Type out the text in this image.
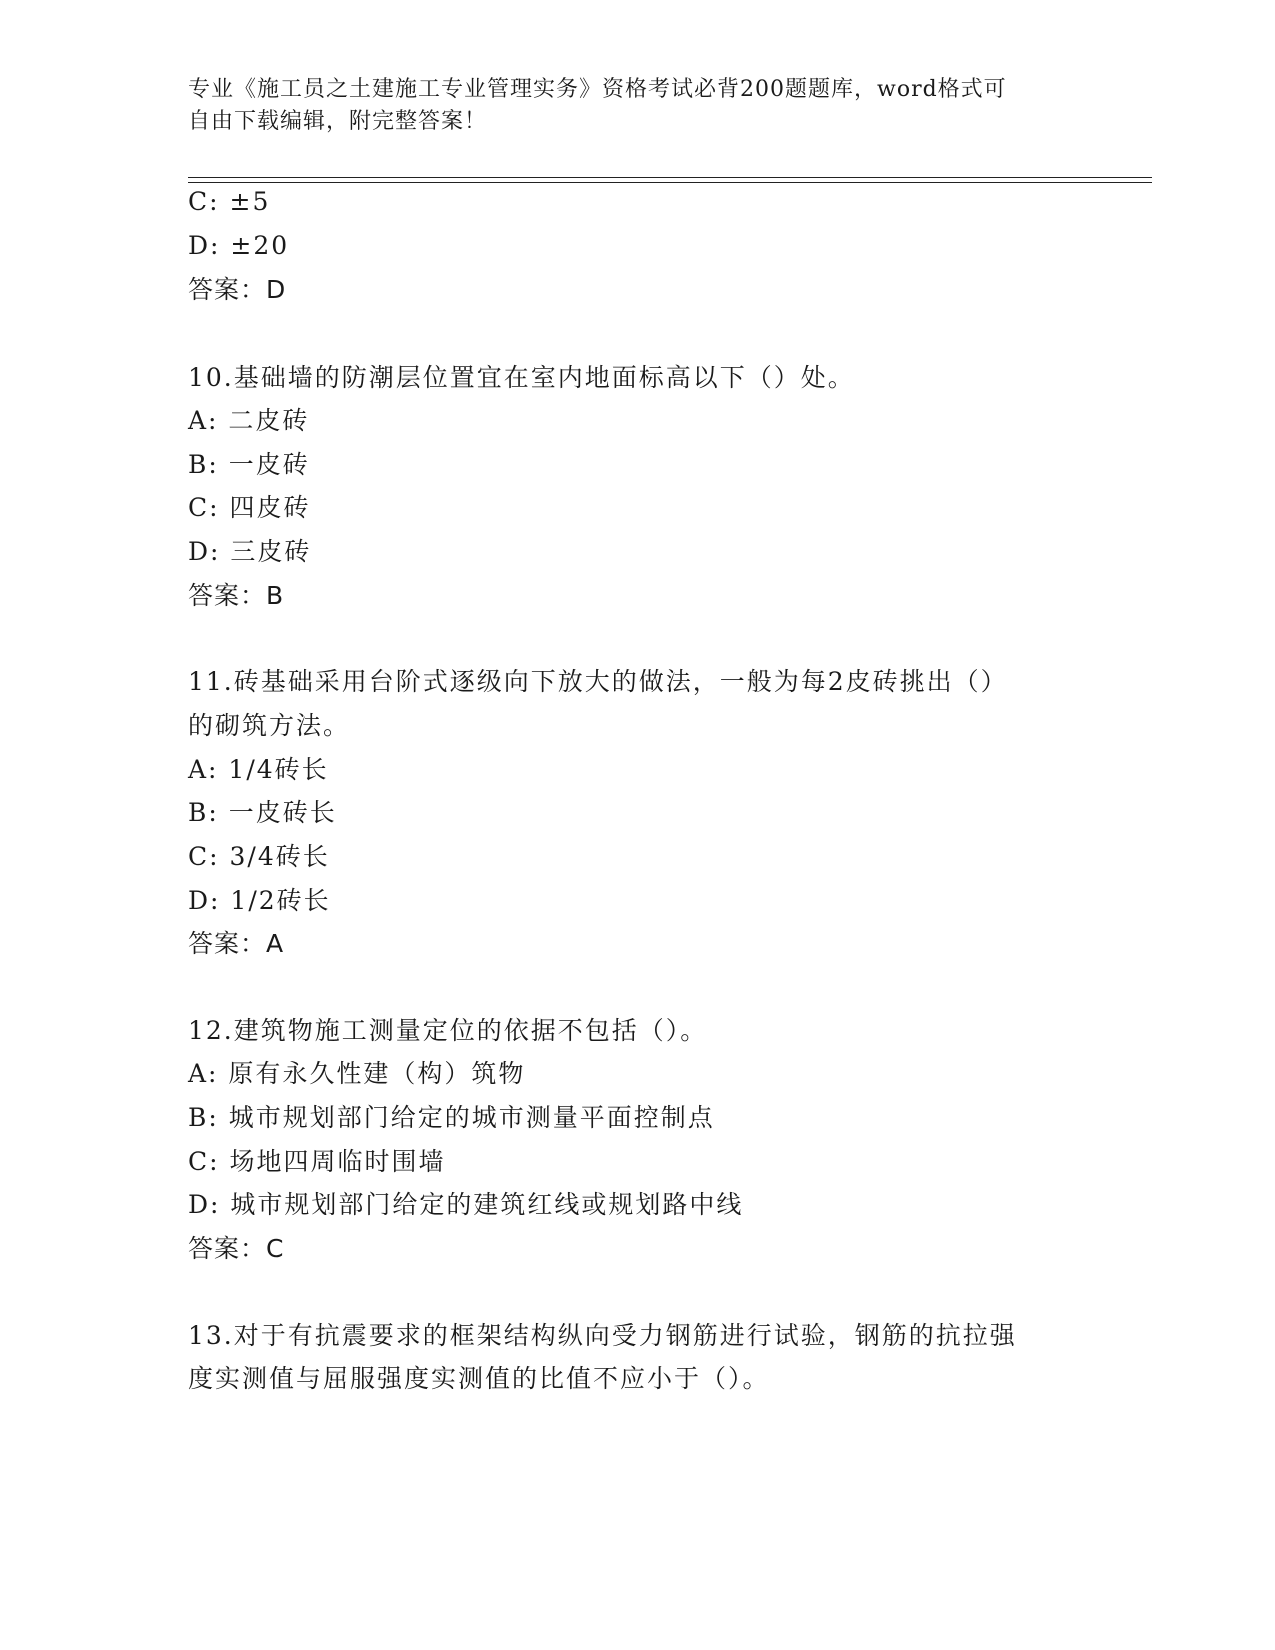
专业《施工员之土建施工专业管理实务》资格考试必背200题题库，word格式可
自由下载编辑，附完整答案！
C: ±5
D: ±20
答案：D
10.基础墙的防潮层位置宜在室内地面标高以下（）处。
A: 二皮砖
B: 一皮砖
C: 四皮砖
D: 三皮砖
答案：B
11.砖基础采用台阶式逐级向下放大的做法，一般为每2皮砖挑出（）
的砌筑方法。
A: 1/4砖长
B: 一皮砖长
C: 3/4砖长
D: 1/2砖长
答案：A
12.建筑物施工测量定位的依据不包括（）。
A: 原有永久性建（构）筑物
B: 城市规划部门给定的城市测量平面控制点
C: 场地四周临时围墙
D: 城市规划部门给定的建筑红线或规划路中线
答案：C
13.对于有抗震要求的框架结构纵向受力钢筋进行试验，钢筋的抗拉强
度实测值与屈服强度实测值的比值不应小于（）。
